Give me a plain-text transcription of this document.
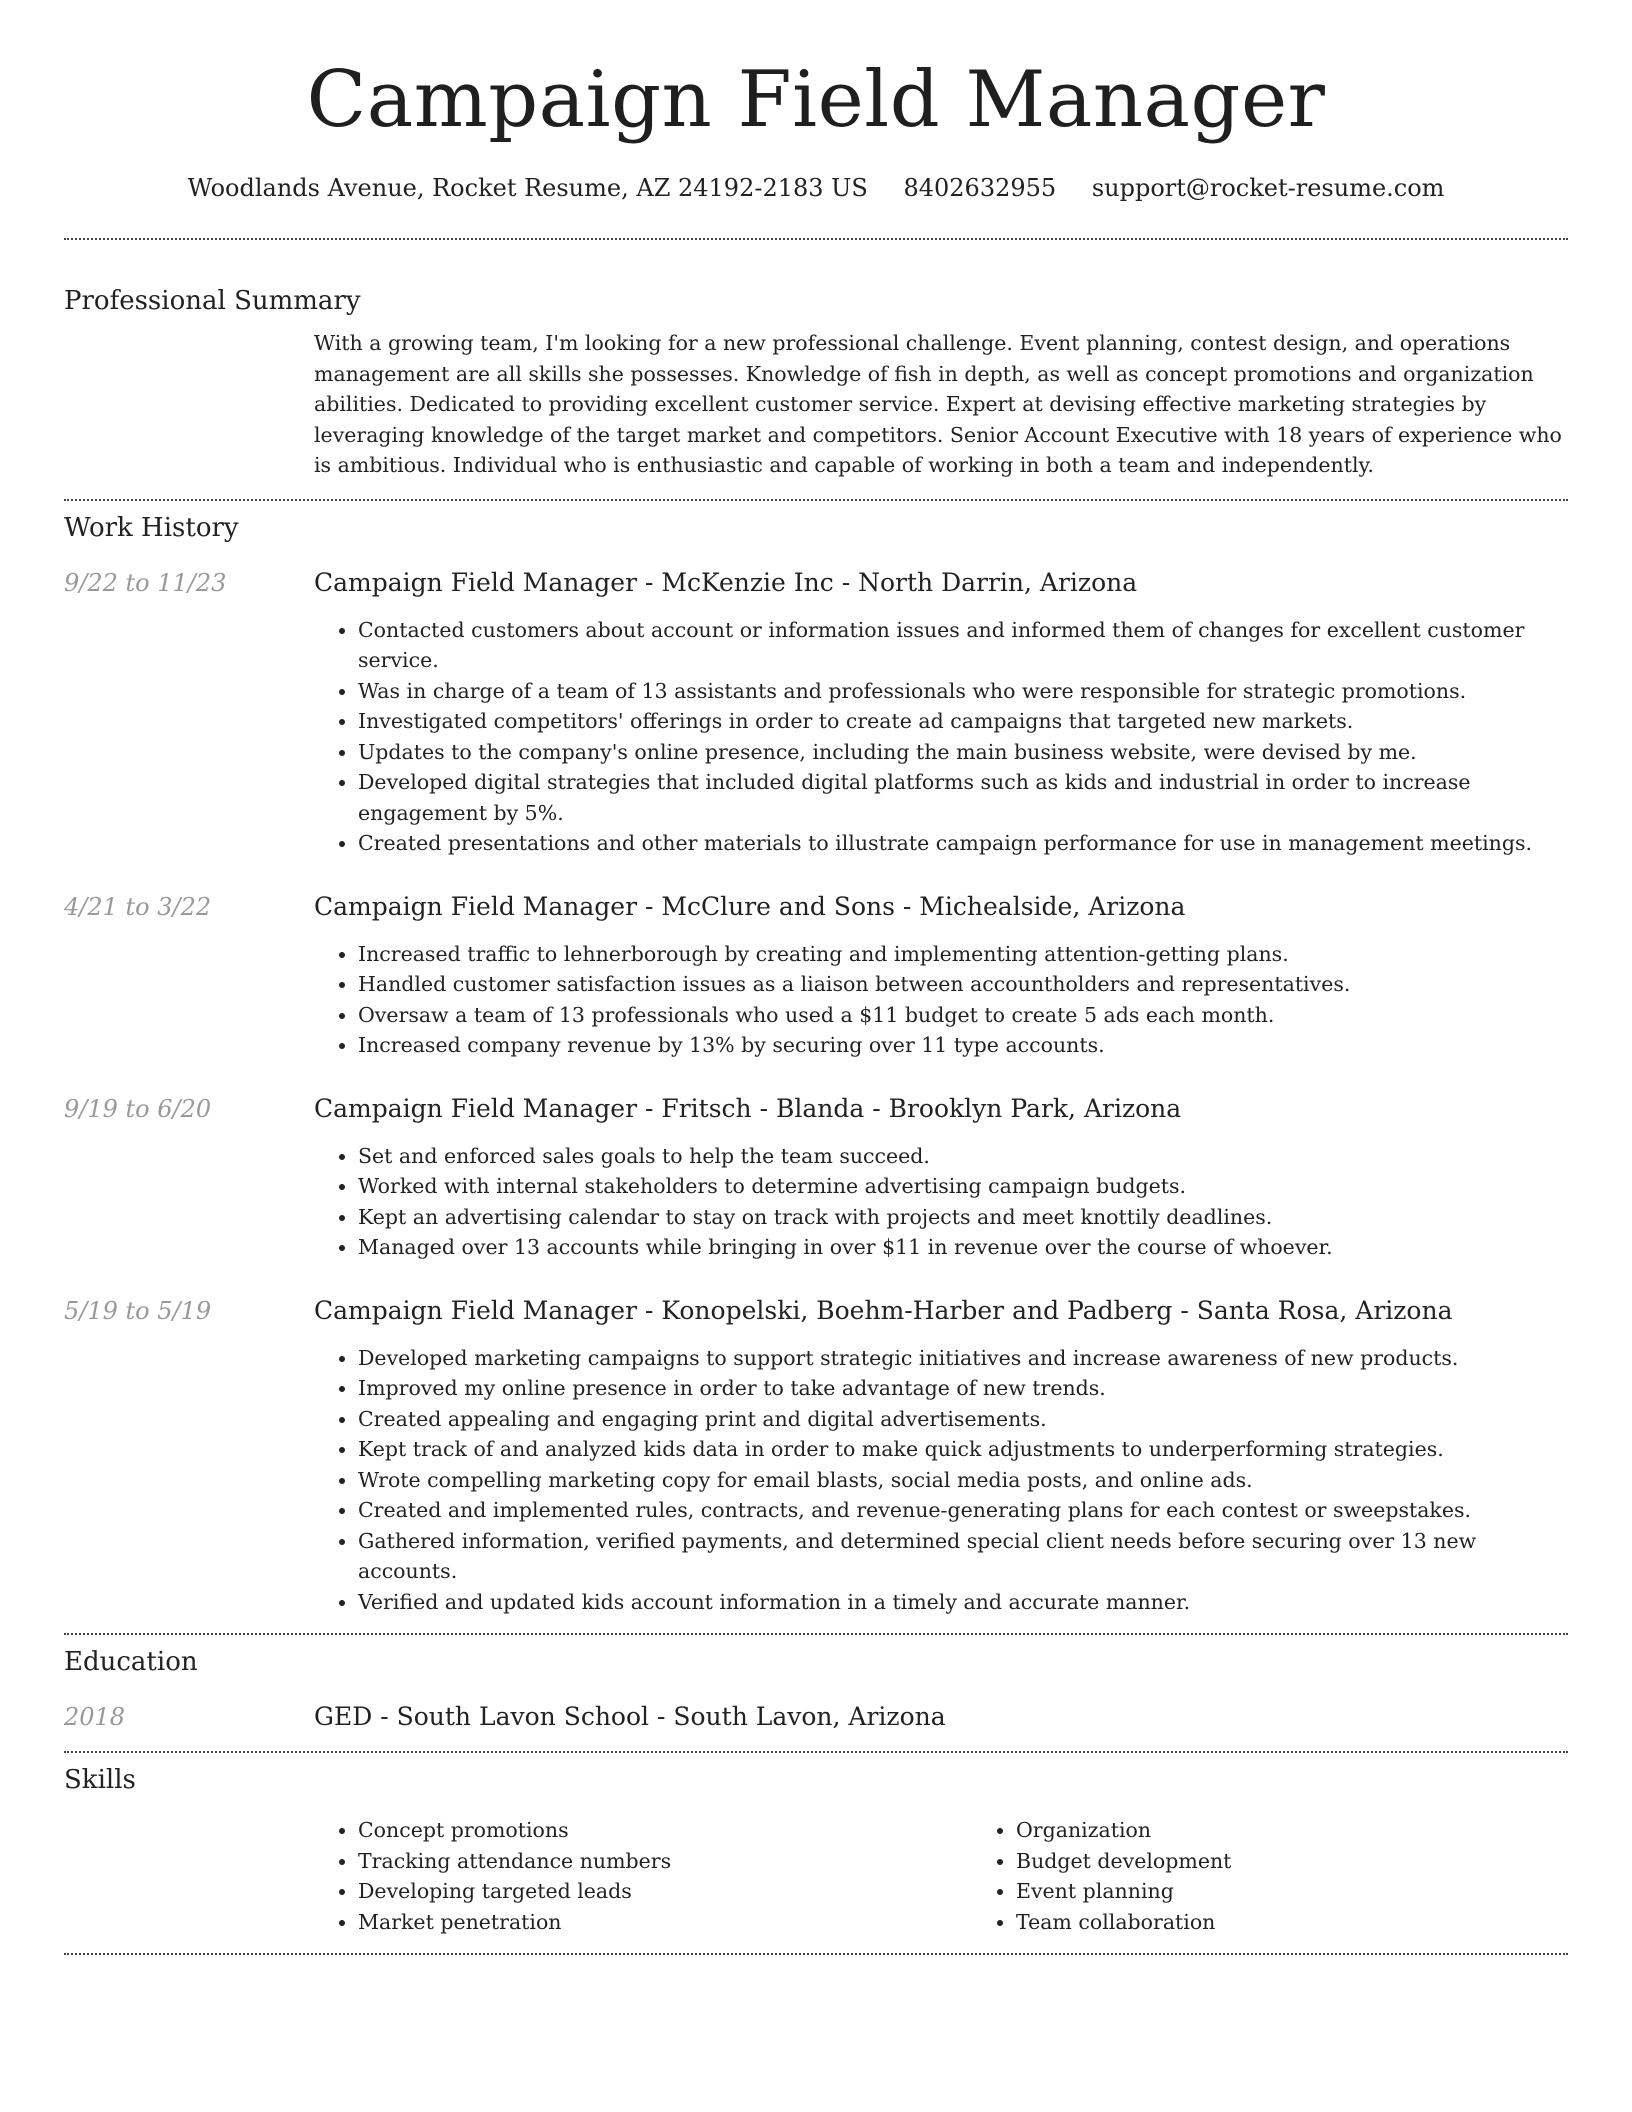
Campaign Field Manager
Woodlands Avenue, Rocket Resume, AZ 24192-2183 US 8402632955 support@rocket-resume.com
Professional Summary

With a growing team, I'm looking for a new professional challenge. Event planning, contest design, and operations management are all skills she possesses. Knowledge of fish in depth, as well as concept promotions and organization abilities. Dedicated to providing excellent customer service. Expert at devising effective marketing strategies by leveraging knowledge of the target market and competitors. Senior Account Executive with 18 years of experience who is ambitious. Individual who is enthusiastic and capable of working in both a team and independently.

Work History
9/22 to 11/23	Campaign Field Manager - McKenzie Inc - North Darrin, Arizona
• Contacted customers about account or information issues and informed them of changes for excellent customer service.
• Was in charge of a team of 13 assistants and professionals who were responsible for strategic promotions.
• Investigated competitors' offerings in order to create ad campaigns that targeted new markets.
• Updates to the company's online presence, including the main business website, were devised by me.
• Developed digital strategies that included digital platforms such as kids and industrial in order to increase engagement by 5%.
• Created presentations and other materials to illustrate campaign performance for use in management meetings.
4/21 to 3/22	Campaign Field Manager - McClure and Sons - Michealside, Arizona
• Increased traffic to lehnerborough by creating and implementing attention-getting plans.
• Handled customer satisfaction issues as a liaison between accountholders and representatives.
• Oversaw a team of 13 professionals who used a $11 budget to create 5 ads each month.
• Increased company revenue by 13% by securing over 11 type accounts.
9/19 to 6/20	Campaign Field Manager - Fritsch - Blanda - Brooklyn Park, Arizona
• Set and enforced sales goals to help the team succeed.
• Worked with internal stakeholders to determine advertising campaign budgets.
• Kept an advertising calendar to stay on track with projects and meet knottily deadlines.
• Managed over 13 accounts while bringing in over $11 in revenue over the course of whoever.
5/19 to 5/19	Campaign Field Manager - Konopelski, Boehm-Harber and Padberg - Santa Rosa, Arizona
• Developed marketing campaigns to support strategic initiatives and increase awareness of new products.
• Improved my online presence in order to take advantage of new trends.
• Created appealing and engaging print and digital advertisements.
• Kept track of and analyzed kids data in order to make quick adjustments to underperforming strategies.
• Wrote compelling marketing copy for email blasts, social media posts, and online ads.
• Created and implemented rules, contracts, and revenue-generating plans for each contest or sweepstakes.
• Gathered information, verified payments, and determined special client needs before securing over 13 new accounts.
• Verified and updated kids account information in a timely and accurate manner.
Education
2018	GED - South Lavon School - South Lavon, Arizona
Skills
• Concept promotions
• Tracking attendance numbers
• Developing targeted leads
• Market penetration
• Organization
• Budget development
• Event planning
• Team collaboration
